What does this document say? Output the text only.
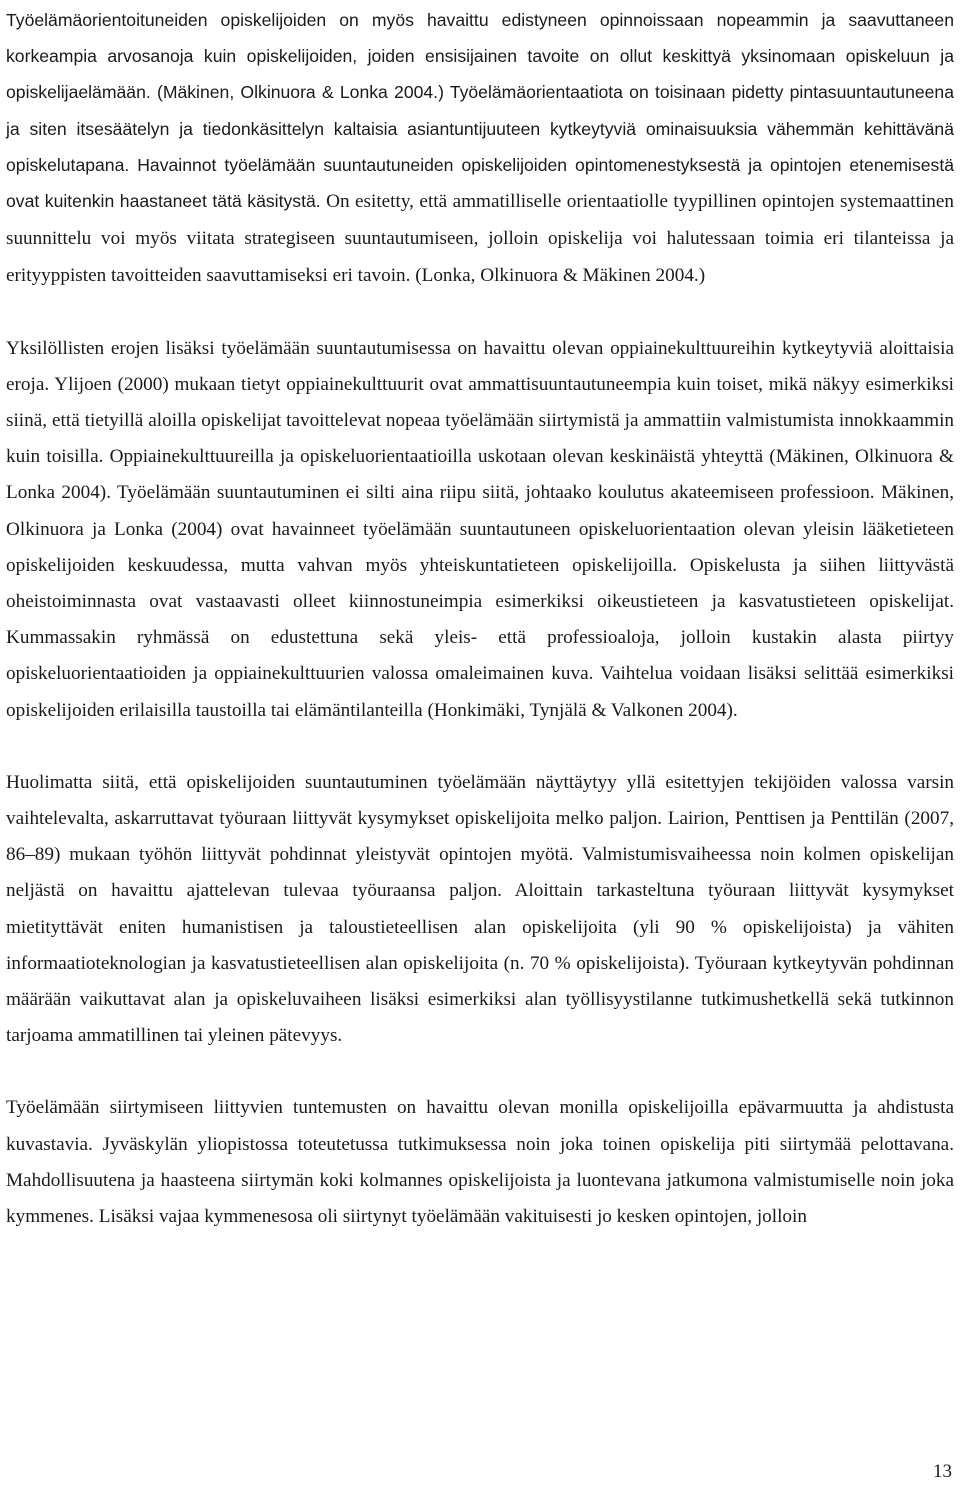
Työelämäorientoituneiden opiskelijoiden on myös havaittu edistyneen opinnoissaan nopeammin ja saavuttaneen korkeampia arvosanoja kuin opiskelijoiden, joiden ensisijainen tavoite on ollut keskittyä yksinomaan opiskeluun ja opiskelijaelämään. (Mäkinen, Olkinuora & Lonka 2004.) Työelämäorientaatiota on toisinaan pidetty pintasuuntautuneena ja siten itsesäätelyn ja tiedonkäsittelyn kaltaisia asiantuntijuuteen kytkeytyviä ominaisuuksia vähemmän kehittävänä opiskelutapana. Havainnot työelämään suuntautuneiden opiskelijoiden opintomenestyksestä ja opintojen etenemisestä ovat kuitenkin haastaneet tätä käsitystä. On esitetty, että ammatilliselle orientaatiolle tyypillinen opintojen systemaattinen suunnittelu voi myös viitata strategiseen suuntautumiseen, jolloin opiskelija voi halutessaan toimia eri tilanteissa ja erityyppisten tavoitteiden saavuttamiseksi eri tavoin. (Lonka, Olkinuora & Mäkinen 2004.)

Yksilöllisten erojen lisäksi työelämään suuntautumisessa on havaittu olevan oppiainekulttuureihin kytkeytyviä aloittaisia eroja. Ylijoen (2000) mukaan tietyt oppiainekulttuurit ovat ammattisuuntautuneempia kuin toiset, mikä näkyy esimerkiksi siinä, että tietyillä aloilla opiskelijat tavoittelevat nopeaa työelämään siirtymistä ja ammattiin valmistumista innokkaammin kuin toisilla. Oppiainekulttuureilla ja opiskeluorientaatioilla uskotaan olevan keskinäistä yhteyttä (Mäkinen, Olkinuora & Lonka 2004). Työelämään suuntautuminen ei silti aina riipu siitä, johtaako koulutus akateemiseen professioon. Mäkinen, Olkinuora ja Lonka (2004) ovat havainneet työelämään suuntautuneen opiskeluorientaation olevan yleisin lääketieteen opiskelijoiden keskuudessa, mutta vahvan myös yhteiskuntatieteen opiskelijoilla. Opiskelusta ja siihen liittyvästä oheistoiminnasta ovat vastaavasti olleet kiinnostuneimpia esimerkiksi oikeustieteen ja kasvatustieteen opiskelijat. Kummassakin ryhmässä on edustettuna sekä yleis- että professioaloja, jolloin kustakin alasta piirtyy opiskeluorientaatioiden ja oppiainekulttuurien valossa omaleimainen kuva. Vaihtelua voidaan lisäksi selittää esimerkiksi opiskelijoiden erilaisilla taustoilla tai elämäntilanteilla (Honkimäki, Tynjälä & Valkonen 2004).

Huolimatta siitä, että opiskelijoiden suuntautuminen työelämään näyttäytyy yllä esitettyjen tekijöiden valossa varsin vaihtelevalta, askarruttavat työuraan liittyvät kysymykset opiskelijoita melko paljon. Lairion, Penttisen ja Penttilän (2007, 86–89) mukaan työhön liittyvät pohdinnat yleistyvät opintojen myötä. Valmistumisvaiheessa noin kolmen opiskelijan neljästä on havaittu ajattelevan tulevaa työuraansa paljon. Aloittain tarkasteltuna työuraan liittyvät kysymykset mietityttävät eniten humanistisen ja taloustieteellisen alan opiskelijoita (yli 90 % opiskelijoista) ja vähiten informaatioteknologian ja kasvatustieteellisen alan opiskelijoita (n. 70 % opiskelijoista). Työuraan kytkeytyvän pohdinnan määrään vaikuttavat alan ja opiskeluvaiheen lisäksi esimerkiksi alan työllisyystilanne tutkimushetkellä sekä tutkinnon tarjoama ammatillinen tai yleinen pätevyys.

Työelämään siirtymiseen liittyvien tuntemusten on havaittu olevan monilla opiskelijoilla epävarmuutta ja ahdistusta kuvastavia. Jyväskylän yliopistossa toteutetussa tutkimuksessa noin joka toinen opiskelija piti siirtymää pelottavana. Mahdollisuutena ja haasteena siirtymän koki kolmannes opiskelijoista ja luontevana jatkumona valmistumiselle noin joka kymmenes. Lisäksi vajaa kymmenesosa oli siirtynyt työelämään vakituisesti jo kesken opintojen, jolloin

13
